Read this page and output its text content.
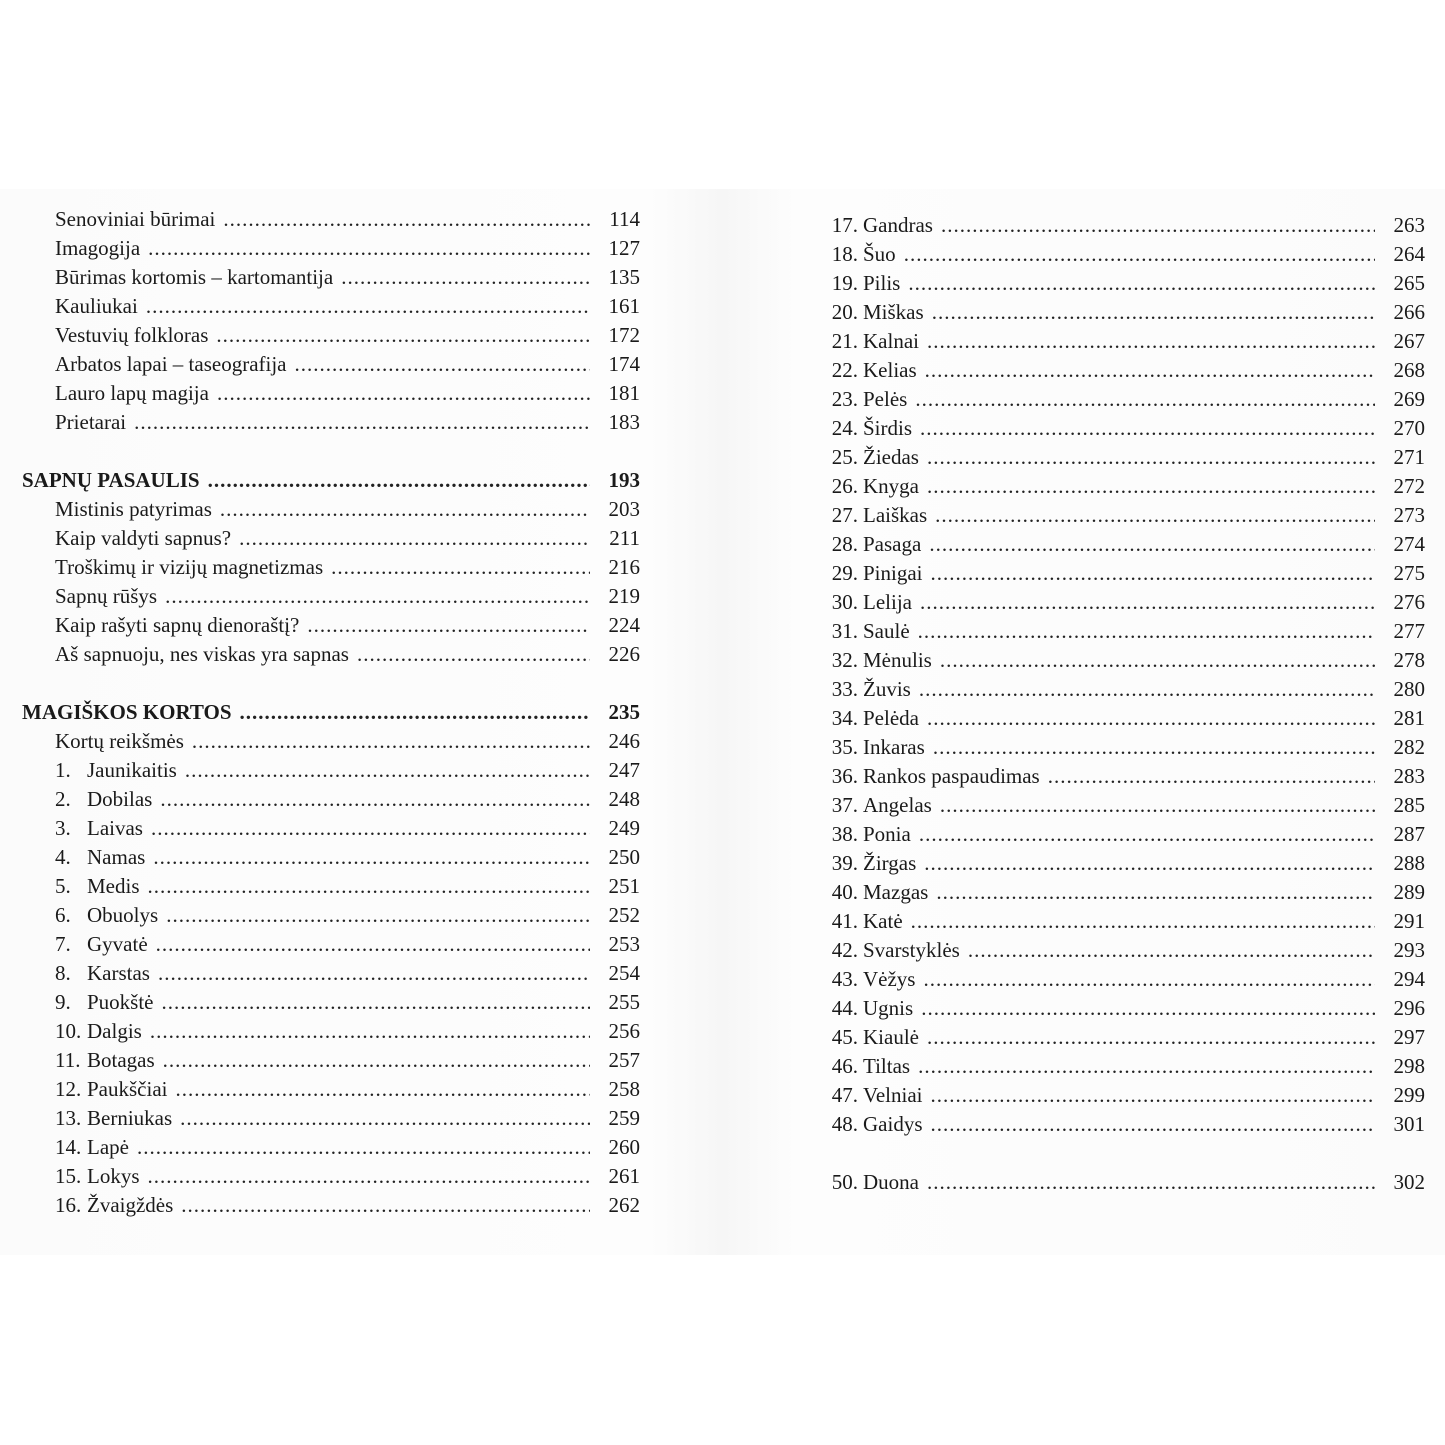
Senoviniai būrimai .....	114
Imagogija .....	127
Būrimas kortomis – kartomantija .....	135
Kauliukai .....	161
Vestuvių folkloras .....	172
Arbatos lapai – taseografija .....	174
Lauro lapų magija .....	181
Prietarai .....	183
SAPNŲ PASAULIS .....	193
Mistinis patyrimas .....	203
Kaip valdyti sapnus? .....	211
Troškimų ir vizijų magnetizmas .....	216
Sapnų rūšys .....	219
Kaip rašyti sapnų dienoraštį? .....	224
Aš sapnuoju, nes viskas yra sapnas .....	226
MAGIŠKOS KORTOS .....	235
Kortų reikšmės .....	246
1. Jaunikaitis .....	247
2. Dobilas .....	248
3. Laivas .....	249
4. Namas .....	250
5. Medis .....	251
6. Obuolys .....	252
7. Gyvatė .....	253
8. Karstas .....	254
9. Puokštė .....	255
10. Dalgis .....	256
11. Botagas .....	257
12. Paukščiai .....	258
13. Berniukas .....	259
14. Lapė .....	260
15. Lokys .....	261
16. Žvaigždės .....	262
17. Gandras .....	263
18. Šuo .....	264
19. Pilis .....	265
20. Miškas .....	266
21. Kalnai .....	267
22. Kelias .....	268
23. Pelės .....	269
24. Širdis .....	270
25. Žiedas .....	271
26. Knyga .....	272
27. Laiškas .....	273
28. Pasaga .....	274
29. Pinigai .....	275
30. Lelija .....	276
31. Saulė .....	277
32. Mėnulis .....	278
33. Žuvis .....	280
34. Pelėda .....	281
35. Inkaras .....	282
36. Rankos paspaudimas .....	283
37. Angelas .....	285
38. Ponia .....	287
39. Žirgas .....	288
40. Mazgas .....	289
41. Katė .....	291
42. Svarstyklės .....	293
43. Vėžys .....	294
44. Ugnis .....	296
45. Kiaulė .....	297
46. Tiltas .....	298
47. Velniai .....	299
48. Gaidys .....	301
50. Duona .....	302
